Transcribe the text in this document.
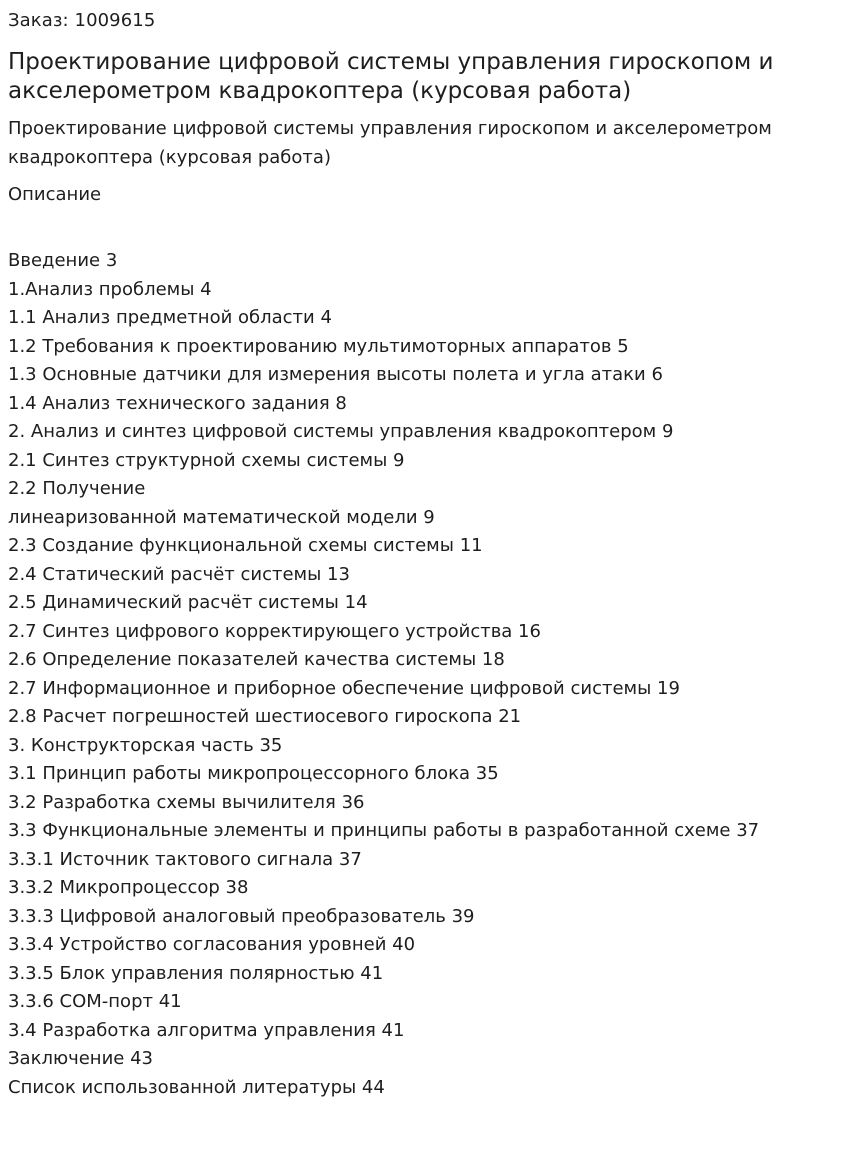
Заказ: 1009615
Проектирование цифровой системы управления гироскопом и акселерометром квадрокоптера (курсовая работа)
Проектирование цифровой системы управления гироскопом и акселерометром квадрокоптера (курсовая работа)
Описание
Введение 3
1.Анализ проблемы 4
1.1 Анализ предметной области 4
1.2 Требования к проектированию мультимоторных аппаратов 5
1.3 Основные датчики для измерения высоты полета и угла атаки 6
1.4 Анализ технического задания 8
2. Анализ и синтез цифровой системы управления квадрокоптером 9
2.1 Синтез структурной схемы системы 9
2.2 Получение
линеаризованной математической модели 9
2.3 Создание функциональной схемы системы 11
2.4 Статический расчёт системы 13
2.5 Динамический расчёт системы 14
2.7 Синтез цифрового корректирующего устройства 16
2.6 Определение показателей качества системы 18
2.7 Информационное и приборное обеспечение цифровой системы 19
2.8 Расчет погрешностей шестиосевого гироскопа 21
3. Конструкторская часть 35
3.1 Принцип работы микропроцессорного блока 35
3.2 Разработка схемы вычилителя 36
3.3 Функциональные элементы и принципы работы в разработанной схеме 37
3.3.1 Источник тактового сигнала 37
3.3.2 Микропроцессор 38
3.3.3 Цифровой аналоговый преобразователь 39
3.3.4 Устройство согласования уровней 40
3.3.5 Блок управления полярностью 41
3.3.6 COM-порт 41
3.4 Разработка алгоритма управления 41
Заключение 43
Список использованной литературы 44
